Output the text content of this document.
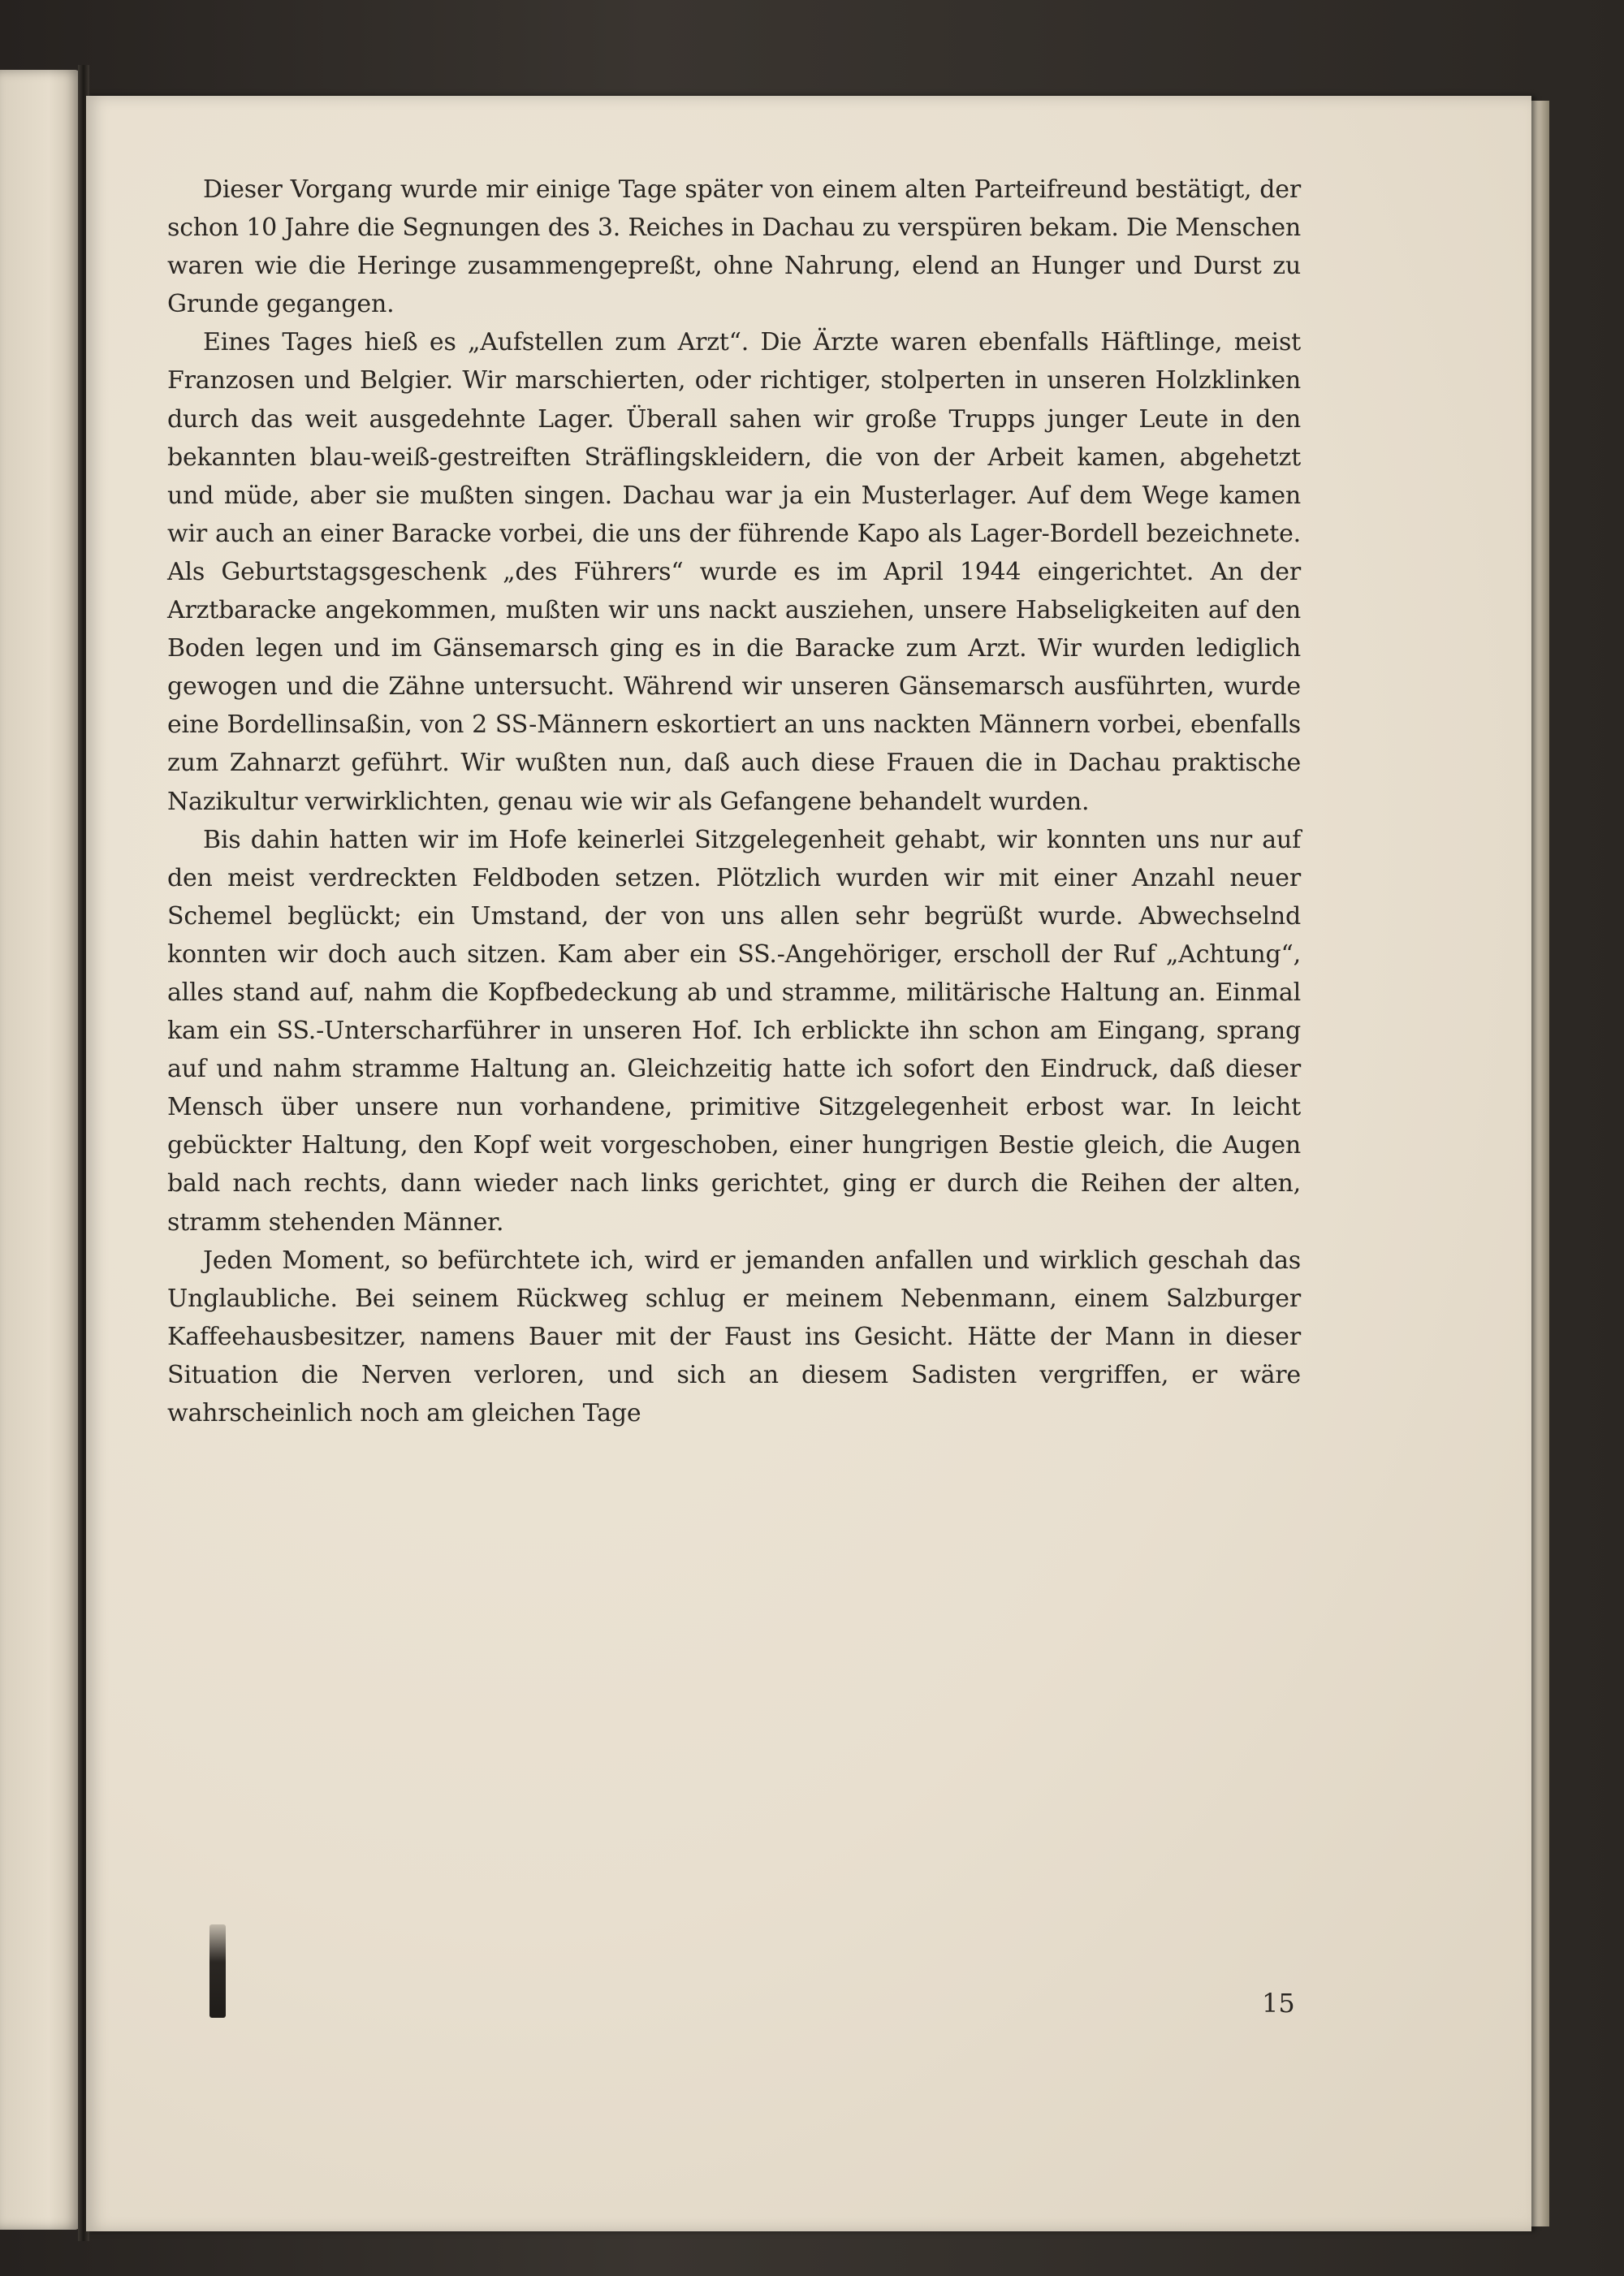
Dieser Vorgang wurde mir einige Tage später von einem alten Parteifreund bestätigt, der schon 10 Jahre die Segnungen des 3. Reiches in Dachau zu verspüren bekam. Die Menschen waren wie die Heringe zusammengepreßt, ohne Nahrung, elend an Hunger und Durst zu Grunde gegangen.

Eines Tages hieß es „Aufstellen zum Arzt“. Die Ärzte waren ebenfalls Häftlinge, meist Franzosen und Belgier. Wir marschierten, oder richtiger, stolperten in unseren Holzklinken durch das weit ausgedehnte Lager. Überall sahen wir große Trupps junger Leute in den bekannten blau-weiß-gestreiften Sträflingskleidern, die von der Arbeit kamen, abgehetzt und müde, aber sie mußten singen. Dachau war ja ein Musterlager. Auf dem Wege kamen wir auch an einer Baracke vorbei, die uns der führende Kapo als Lager-Bordell bezeichnete. Als Geburtstagsgeschenk „des Führers“ wurde es im April 1944 eingerichtet. An der Arztbaracke angekommen, mußten wir uns nackt ausziehen, unsere Habseligkeiten auf den Boden legen und im Gänsemarsch ging es in die Baracke zum Arzt. Wir wurden lediglich gewogen und die Zähne untersucht. Während wir unseren Gänsemarsch ausführten, wurde eine Bordellinsaßin, von 2 SS-Männern eskortiert an uns nackten Männern vorbei, ebenfalls zum Zahnarzt geführt. Wir wußten nun, daß auch diese Frauen die in Dachau praktische Nazikultur verwirklichten, genau wie wir als Gefangene behandelt wurden.

Bis dahin hatten wir im Hofe keinerlei Sitzgelegenheit gehabt, wir konnten uns nur auf den meist verdreckten Feldboden setzen. Plötzlich wurden wir mit einer Anzahl neuer Schemel beglückt; ein Umstand, der von uns allen sehr begrüßt wurde. Abwechselnd konnten wir doch auch sitzen. Kam aber ein SS.-Angehöriger, erscholl der Ruf „Achtung“, alles stand auf, nahm die Kopfbedeckung ab und stramme, militärische Haltung an. Einmal kam ein SS.-Unterscharführer in unseren Hof. Ich erblickte ihn schon am Eingang, sprang auf und nahm stramme Haltung an. Gleichzeitig hatte ich sofort den Eindruck, daß dieser Mensch über unsere nun vorhandene, primitive Sitzgelegenheit erbost war. In leicht gebückter Haltung, den Kopf weit vorgeschoben, einer hungrigen Bestie gleich, die Augen bald nach rechts, dann wieder nach links gerichtet, ging er durch die Reihen der alten, stramm stehenden Männer.

Jeden Moment, so befürchtete ich, wird er jemanden anfallen und wirklich geschah das Unglaubliche. Bei seinem Rückweg schlug er meinem Nebenmann, einem Salzburger Kaffeehausbesitzer, namens Bauer mit der Faust ins Gesicht. Hätte der Mann in dieser Situation die Nerven verloren, und sich an diesem Sadisten vergriffen, er wäre wahrscheinlich noch am gleichen Tage

15
